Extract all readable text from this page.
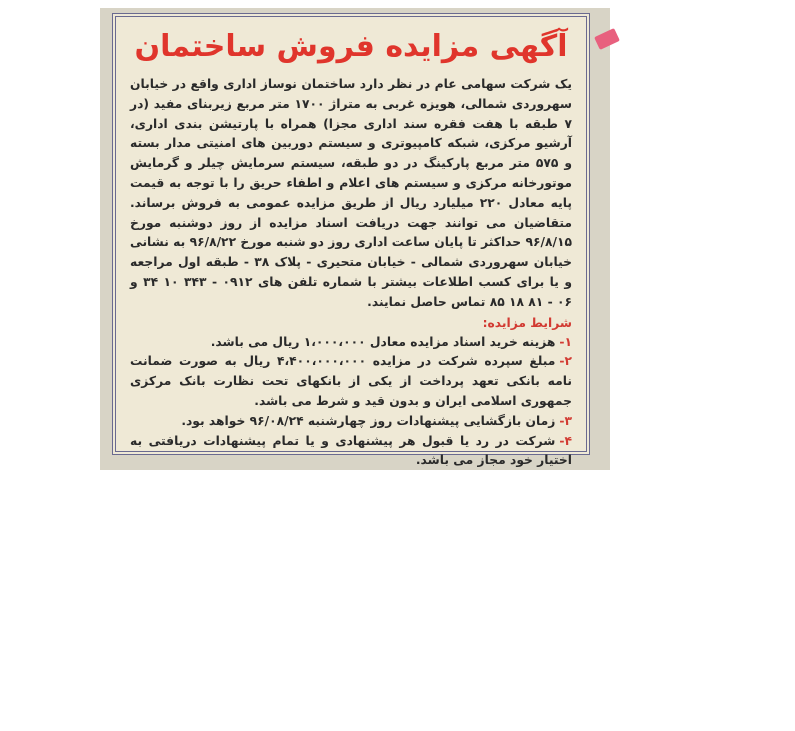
آگهی مزایده فروش ساختمان
یک شرکت سهامی عام در نظر دارد ساختمان نوساز اداری واقع در خیابان سهروردی شمالی، هویزه غربی به متراژ ۱۷۰۰ متر مربع زیربنای مفید (در ۷ طبقه با هفت فقره سند اداری مجزا) همراه با پارتیشن بندی اداری، آرشیو مرکزی، شبکه کامپیوتری و سیستم دوربین های امنیتی مدار بسته و ۵۷۵ متر مربع پارکینگ در دو طبقه، سیستم سرمایش چیلر و گرمایش موتورخانه مرکزی و سیستم های اعلام و اطفاء حریق را با توجه به قیمت پایه معادل ۲۲۰ میلیارد ریال از طریق مزایده عمومی به فروش برساند. متقاضیان می توانند جهت دریافت اسناد مزایده از روز دوشنبه مورخ ۹۶/۸/۱۵ حداکثر تا پایان ساعت اداری روز دو شنبه مورخ ۹۶/۸/۲۲ به نشانی خیابان سهروردی شمالی - خیابان متحیری - پلاک ۳۸ - طبقه اول مراجعه و یا برای کسب اطلاعات بیشتر با شماره تلفن های ۰۹۱۲ - ۳۴۳ ۱۰ ۳۴ و ۰۶ - ۸۱ ۱۸ ۸۵ تماس حاصل نمایند.
شرایط مزایده:
۱-هزینه خرید اسناد مزایده معادل ۱،۰۰۰،۰۰۰ ریال می باشد.
۲-مبلغ سپرده شرکت در مزایده ۴،۴۰۰،۰۰۰،۰۰۰ ریال به صورت ضمانت نامه بانکی تعهد پرداخت از یکی از بانکهای تحت نظارت بانک مرکزی جمهوری اسلامی ایران و بدون قید و شرط می باشد.
۳-زمان بازگشایی پیشنهادات روز چهارشنبه ۹۶/۰۸/۲۴ خواهد بود.
۴-شرکت در رد یا قبول هر پیشنهادی و یا تمام پیشنهادات دریافتی به اختیار خود مجاز می باشد.
